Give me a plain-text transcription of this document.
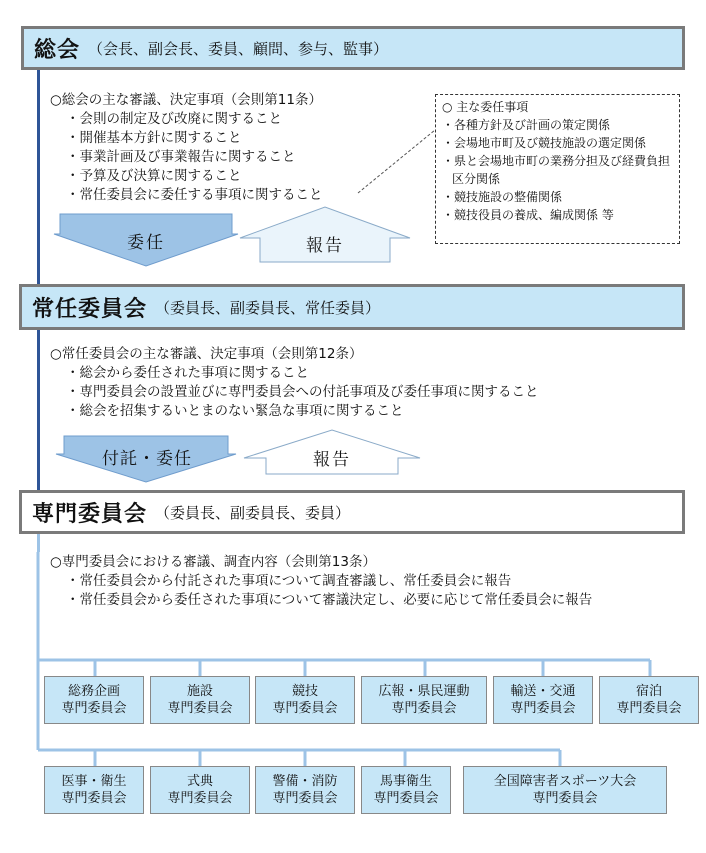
総会 （会長、副会長、委員、顧問、参与、監事）
○総会の主な審議、決定事項（会則第11条）
・会則の制定及び改廃に関すること
・開催基本方針に関すること
・事業計画及び事業報告に関すること
・予算及び決算に関すること
・常任委員会に委任する事項に関すること
○ 主な委任事項
・各種方針及び計画の策定関係
・会場地市町及び競技施設の選定関係
・県と会場地市町の業務分担及び経費負担区分関係
・競技施設の整備関係
・競技役員の養成、編成関係 等
委任	報告
常任委員会 （委員長、副委員長、常任委員）
○常任委員会の主な審議、決定事項（会則第12条）
・総会から委任された事項に関すること
・専門委員会の設置並びに専門委員会への付託事項及び委任事項に関すること
・総会を招集するいとまのない緊急な事項に関すること
付託・委任	報告
専門委員会 （委員長、副委員長、委員）
○専門委員会における審議、調査内容（会則第13条）
・常任委員会から付託された事項について調査審議し、常任委員会に報告
・常任委員会から委任された事項について審議決定し、必要に応じて常任委員会に報告
総務企画
専門委員会
施設
専門委員会
競技
専門委員会
広報・県民運動
専門委員会
輸送・交通
専門委員会
宿泊
専門委員会
医事・衛生
専門委員会
式典
専門委員会
警備・消防
専門委員会
馬事衛生
専門委員会
全国障害者スポーツ大会
専門委員会
